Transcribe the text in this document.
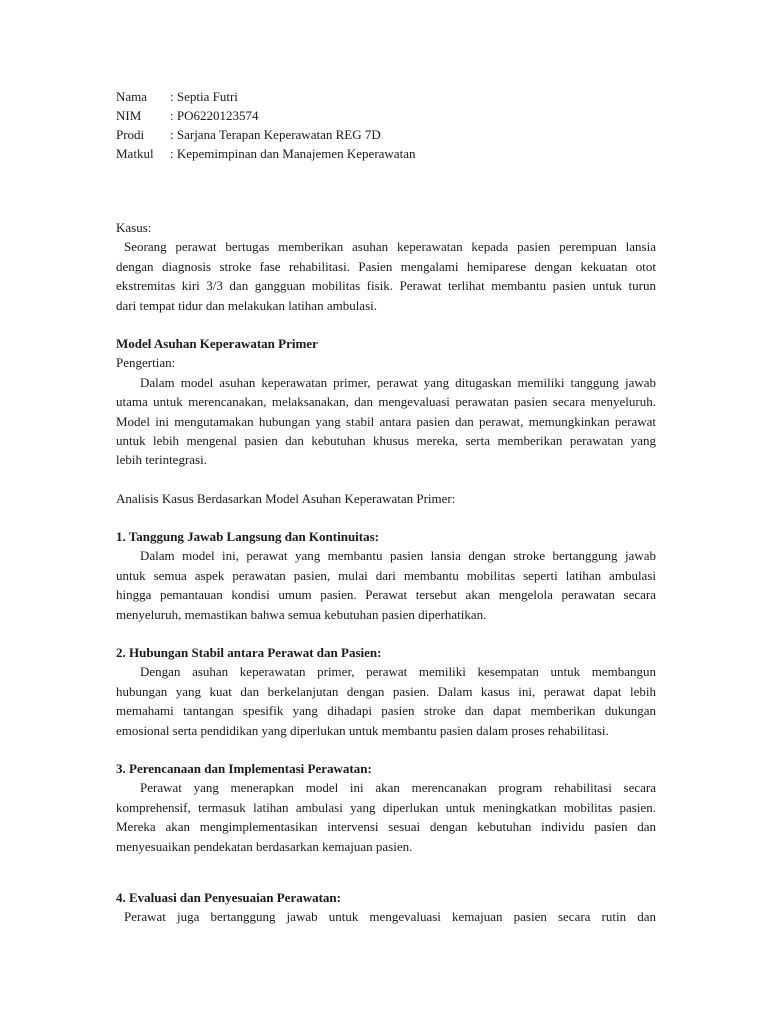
Nama : Septia Futri
NIM : PO6220123574
Prodi : Sarjana Terapan Keperawatan REG 7D
Matkul : Kepemimpinan dan Manajemen Keperawatan
Kasus:
Seorang perawat bertugas memberikan asuhan keperawatan kepada pasien perempuan lansia
dengan diagnosis stroke fase rehabilitasi. Pasien mengalami hemiparese dengan kekuatan otot
ekstremitas kiri 3/3 dan gangguan mobilitas fisik. Perawat terlihat membantu pasien untuk turun
dari tempat tidur dan melakukan latihan ambulasi.
Model Asuhan Keperawatan Primer
Pengertian:
Dalam model asuhan keperawatan primer, perawat yang ditugaskan memiliki tanggung jawab
utama untuk merencanakan, melaksanakan, dan mengevaluasi perawatan pasien secara menyeluruh.
Model ini mengutamakan hubungan yang stabil antara pasien dan perawat, memungkinkan perawat
untuk lebih mengenal pasien dan kebutuhan khusus mereka, serta memberikan perawatan yang
lebih terintegrasi.
Analisis Kasus Berdasarkan Model Asuhan Keperawatan Primer:
1. Tanggung Jawab Langsung dan Kontinuitas:
Dalam model ini, perawat yang membantu pasien lansia dengan stroke bertanggung jawab
untuk semua aspek perawatan pasien, mulai dari membantu mobilitas seperti latihan ambulasi
hingga pemantauan kondisi umum pasien. Perawat tersebut akan mengelola perawatan secara
menyeluruh, memastikan bahwa semua kebutuhan pasien diperhatikan.
2. Hubungan Stabil antara Perawat dan Pasien:
Dengan asuhan keperawatan primer, perawat memiliki kesempatan untuk membangun
hubungan yang kuat dan berkelanjutan dengan pasien. Dalam kasus ini, perawat dapat lebih
memahami tantangan spesifik yang dihadapi pasien stroke dan dapat memberikan dukungan
emosional serta pendidikan yang diperlukan untuk membantu pasien dalam proses rehabilitasi.
3. Perencanaan dan Implementasi Perawatan:
Perawat yang menerapkan model ini akan merencanakan program rehabilitasi secara
komprehensif, termasuk latihan ambulasi yang diperlukan untuk meningkatkan mobilitas pasien.
Mereka akan mengimplementasikan intervensi sesuai dengan kebutuhan individu pasien dan
menyesuaikan pendekatan berdasarkan kemajuan pasien.
4. Evaluasi dan Penyesuaian Perawatan:
Perawat juga bertanggung jawab untuk mengevaluasi kemajuan pasien secara rutin dan
